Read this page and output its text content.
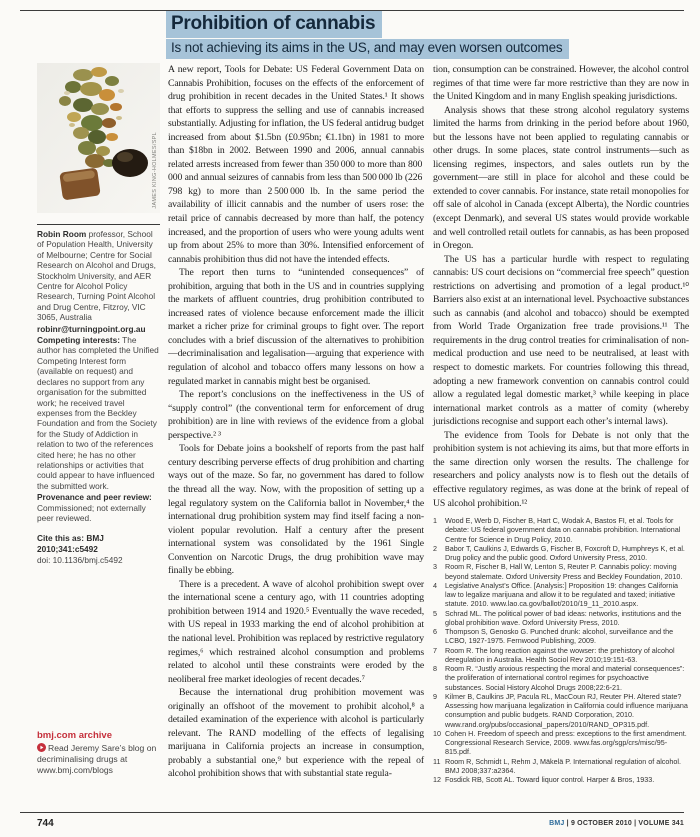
Prohibition of cannabis
Is not achieving its aims in the US, and may even worsen outcomes
JAMES KING-HOLMES/SPL

Robin Room professor, School of Population Health, University of Melbourne; Centre for Social Research on Alcohol and Drugs, Stockholm University, and AER Centre for Alcohol Policy Research, Turning Point Alcohol and Drug Centre, Fitzroy, VIC 3065, Australia

robinr@turningpoint.org.au

Competing interests: The author has completed the Unified Competing Interest form (available on request) and declares no support from any organisation for the submitted work; he received travel expenses from the Beckley Foundation and from the Society for the Study of Addiction in relation to two of the references cited here; he has no other relationships or activities that could appear to have influenced the submitted work.

Provenance and peer review: Commissioned; not externally peer reviewed.

Cite this as: BMJ 2010;341:c5492

doi: 10.1136/bmj.c5492

bmj.com archive
Read Jeremy Sare’s blog on decriminalising drugs at www.bmj.com/blogs

A new report, Tools for Debate: US Federal Government Data on Cannabis Prohibition, focuses on the effects of the enforcement of drug prohibition in recent decades in the United States.¹ It shows that efforts to suppress the selling and use of cannabis increased substantially. Adjusting for inflation, the US federal antidrug budget increased from about $1.5bn (£0.95bn; €1.1bn) in 1981 to more than $18bn in 2002. Between 1990 and 2006, annual cannabis related arrests increased from fewer than 350 000 to more than 800 000 and annual seizures of cannabis from less than 500 000 lb (226 798 kg) to more than 2 500 000 lb. In the same period the availability of illicit cannabis and the number of users rose: the retail price of cannabis decreased by more than half, the potency increased, and the proportion of users who were young adults went up from about 25% to more than 30%. Intensified enforcement of cannabis prohibition thus did not have the intended effects.

The report then turns to “unintended consequences” of prohibition, arguing that both in the US and in countries supplying the markets of affluent countries, drug prohibition contributed to increased rates of violence because enforcement made the illicit market a richer prize for criminal groups to fight over. The report concludes with a brief discussion of the alternatives to prohibition—decriminalisation and legalisation—arguing that experience with regulation of alcohol and tobacco offers many lessons on how a regulated market in cannabis might best be organised.

The report’s conclusions on the ineffectiveness in the US of “supply control” (the conventional term for enforcement of drug prohibition) are in line with reviews of the evidence from a global perspective.² ³

Tools for Debate joins a bookshelf of reports from the past half century describing perverse effects of drug prohibition and charting ways out of the maze. So far, no government has dared to follow the thread all the way. Now, with the proposition of setting up a legal regulatory system on the California ballot in November,⁴ the international drug prohibition system may find itself facing a non-violent popular revolution. Half a century after the present international system was consolidated by the 1961 Single Convention on Narcotic Drugs, the drug prohibition wave may finally be ebbing.

There is a precedent. A wave of alcohol prohibition swept over the international scene a century ago, with 11 countries adopting prohibition between 1914 and 1920.⁵ Eventually the wave receded, with US repeal in 1933 marking the end of alcohol prohibition at the national level. Prohibition was replaced by restrictive regulatory regimes,⁶ which restrained alcohol consumption and problems related to alcohol until these constraints were eroded by the neoliberal free market ideologies of recent decades.⁷

Because the international drug prohibition movement was originally an offshoot of the movement to prohibit alcohol,⁸ a detailed examination of the experience with alcohol is particularly relevant. The RAND modelling of the effects of legalising marijuana in California projects an increase in consumption, probably a substantial one,⁹ but experience with the repeal of alcohol prohibition shows that with substantial state regula-

tion, consumption can be constrained. However, the alcohol control regimes of that time were far more restrictive than they are now in the United Kingdom and in many English speaking jurisdictions.

Analysis shows that these strong alcohol regulatory systems limited the harms from drinking in the period before about 1960, but the lessons have not been applied to regulating cannabis or other drugs. In some places, state control instruments—such as licensing regimes, inspectors, and sales outlets run by the government—are still in place for alcohol and these could be extended to cover cannabis. For instance, state retail monopolies for off sale of alcohol in Canada (except Alberta), the Nordic countries (except Denmark), and several US states would provide workable and well controlled retail outlets for cannabis, as has been proposed in Oregon.

The US has a particular hurdle with respect to regulating cannabis: US court decisions on “commercial free speech” question restrictions on advertising and promotion of a legal product.¹⁰ Barriers also exist at an international level. Psychoactive substances such as cannabis (and alcohol and tobacco) should be exempted from World Trade Organization free trade provisions.¹¹ The requirements in the drug control treaties for criminalisation of non-medical production and use need to be neutralised, at least with respect to domestic markets. For countries following this thread, adopting a new framework convention on cannabis control could allow a regulated legal domestic market,³ while keeping in place international market controls as a matter of comity (whereby jurisdictions recognise and support each other’s internal laws).

The evidence from Tools for Debate is not only that the prohibition system is not achieving its aims, but that more efforts in the same direction only worsen the results. The challenge for researchers and policy analysts now is to flesh out the details of effective regulatory regimes, as was done at the brink of repeal of US alcohol prohibition.¹²

1	Wood E, Werb D, Fischer B, Hart C, Wodak A, Bastos FI, et al. Tools for debate: US federal government data on cannabis prohibition. International Centre for Science in Drug Policy, 2010.
2	Babor T, Caulkins J, Edwards G, Fischer B, Foxcroft D, Humphreys K, et al. Drug policy and the public good. Oxford University Press, 2010.
3	Room R, Fischer B, Hall W, Lenton S, Reuter P. Cannabis policy: moving beyond stalemate. Oxford University Press and Beckley Foundation, 2010.
4	Legislative Analyst’s Office. [Analysis:] Proposition 19: changes California law to legalize marijuana and allow it to be regulated and taxed; initiative statute. 2010. www.lao.ca.gov/ballot/2010/19_11_2010.aspx.
5	Schrad ML. The political power of bad ideas: networks, institutions and the global prohibition wave. Oxford University Press, 2010.
6	Thompson S, Genosko G. Punched drunk: alcohol, surveillance and the LCBO, 1927-1975. Fernwood Publishing, 2009.
7	Room R. The long reaction against the wowser: the prehistory of alcohol deregulation in Australia. Health Sociol Rev 2010;19:151-63.
8	Room R. “Justly anxious respecting the moral and material consequences”: the proliferation of international control regimes for psychoactive substances. Social History Alcohol Drugs 2008;22:6-21.
9	Kilmer B, Caulkins JP, Pacula RL, MacCoun RJ, Reuter PH. Altered state? Assessing how marijuana legalization in California could influence marijuana consumption and public budgets. RAND Corporation, 2010. www.rand.org/pubs/occasional_papers/2010/RAND_OP315.pdf.
10 Cohen H. Freedom of speech and press: exceptions to the first amendment. Congressional Research Service, 2009. www.fas.org/sgp/crs/misc/95-815.pdf.
11 Room R, Schmidt L, Rehm J, Mäkelä P. International regulation of alcohol. BMJ 2008;337:a2364.
12 Fosdick RB, Scott AL. Toward liquor control. Harper & Bros, 1933.
744	BMJ | 9 OCTOBER 2010 | VOLUME 341
